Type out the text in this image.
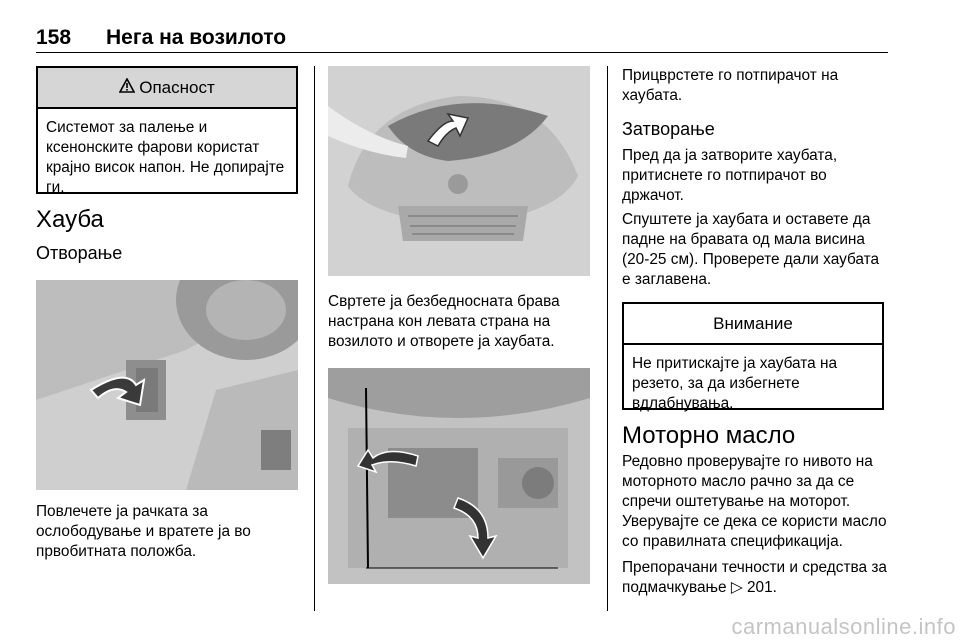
158 Нега на возилото
Опасност
Системот за палење и ксенонските фарови користат крајно висок напон. Не допирајте ги.
Хауба
Отворање
Повлечете ја рачката за ослободување и вратете ја во првобитната положба.
Свртете ја безбедносната брава настрана кон левата страна на возилото и отворете ја хаубата.
Прицврстете го потпирачот на хаубата.
Затворање
Пред да ја затворите хаубата, притиснете го потпирачот во држачот.
Спуштете ја хаубата и оставете да падне на бравата од мала висина (20-25 см). Проверете дали хаубата е заглавена.
Внимание
Не притискајте ја хаубата на резето, за да избегнете вдлабнувања.
Моторно масло
Редовно проверувајте го нивото на моторното масло рачно за да се спречи оштетување на моторот. Уверувајте се дека се користи масло со правилната спецификација.
Препорачани течности и средства за подмачкување ▷ 201.
carmanualsonline.info
